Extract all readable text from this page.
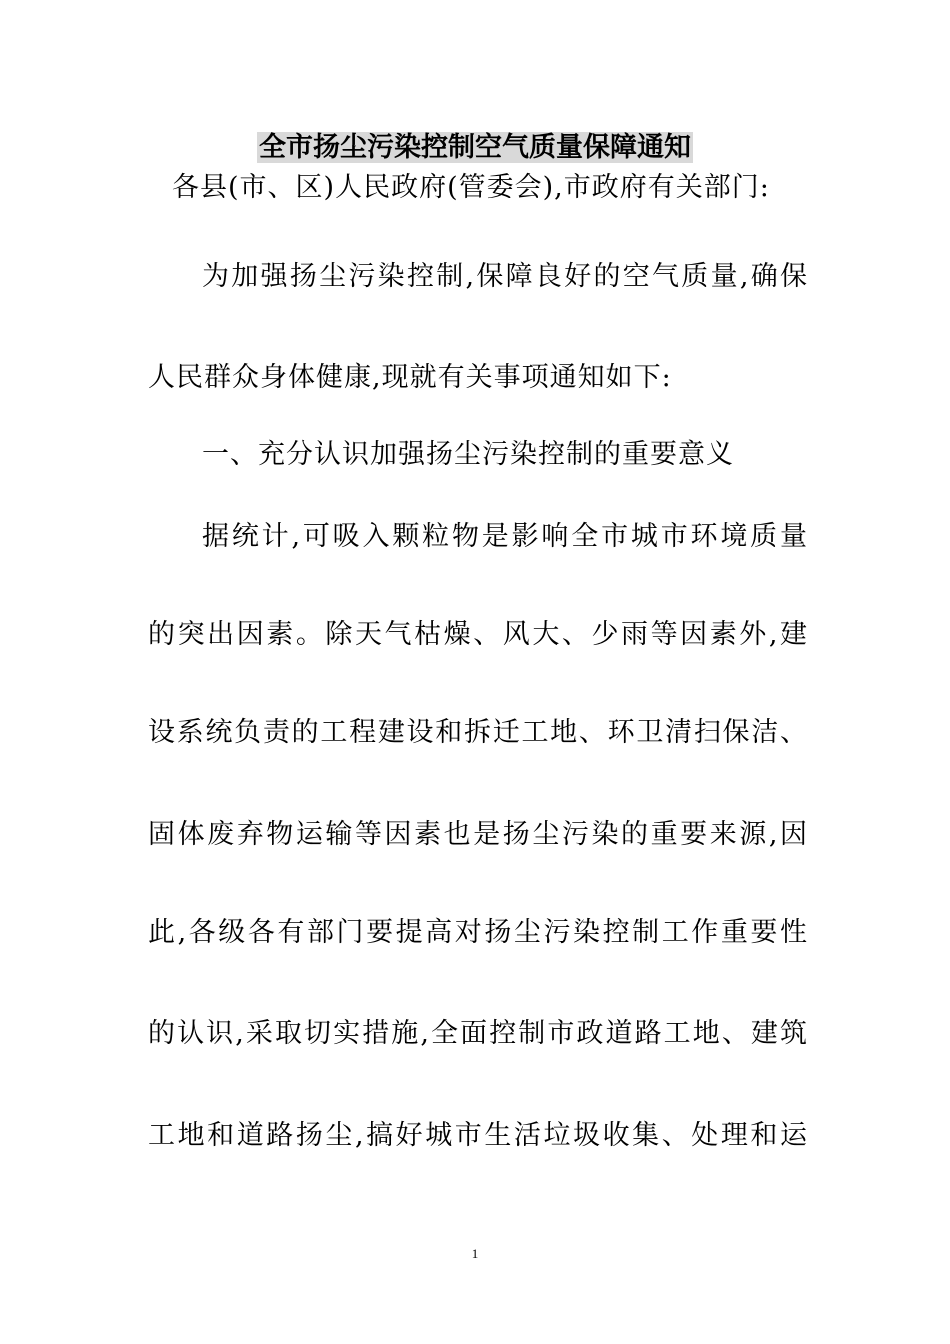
全市扬尘污染控制空气质量保障通知
各县(市、区)人民政府(管委会),市政府有关部门:
为加强扬尘污染控制,保障良好的空气质量,确保
人民群众身体健康,现就有关事项通知如下:
一、充分认识加强扬尘污染控制的重要意义
据统计,可吸入颗粒物是影响全市城市环境质量
的突出因素。除天气枯燥、风大、少雨等因素外,建
设系统负责的工程建设和拆迁工地、环卫清扫保洁、
固体废弃物运输等因素也是扬尘污染的重要来源,因
此,各级各有部门要提高对扬尘污染控制工作重要性
的认识,采取切实措施,全面控制市政道路工地、建筑
工地和道路扬尘,搞好城市生活垃圾收集、处理和运
1
